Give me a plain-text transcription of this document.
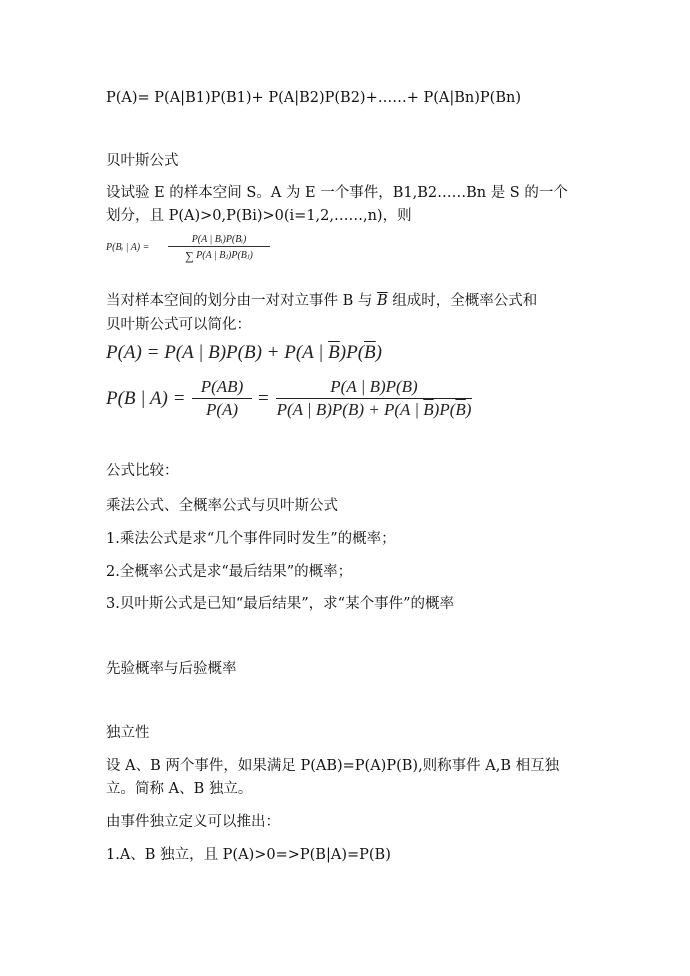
P(A)= P(A|B1)P(B1)+ P(A|B2)P(B2)+……+ P(A|Bn)P(Bn)
贝叶斯公式
设试验 E 的样本空间 S。A 为 E 一个事件，B1,B2……Bn 是 S 的一个
划分，且 P(A)>0,P(Bi)>0(i=1,2,……,n)，则
P(Bᵢ | $A) = \frac{\text{P(A | Bᵢ)P(Bᵢ)}}{\text{∑ P(A | Bⱼ)P(Bⱼ)}}$
当对样本空间的划分由一对对立事件 B 与 $\overline{B}$ 组成时，全概率公式和
贝叶斯公式可以简化：
P(A) = P(A | B)P(B) + P(A | $\overline{B})P(\overline{B})$
P(B | $A) = \frac{P(AB)}{P(A)} = \frac{P(A | B)P(B)}{P(A | B)P(B) + P(A | \overline{B})P(\overline{B})}$
公式比较：
乘法公式、全概率公式与贝叶斯公式
1.乘法公式是求“几个事件同时发生”的概率；
2.全概率公式是求“最后结果”的概率；
3.贝叶斯公式是已知“最后结果”，求“某个事件”的概率
先验概率与后验概率
独立性
设 A、B 两个事件，如果满足 P(AB)=P(A)P(B),则称事件 A,B 相互独
立。简称 A、B 独立。
由事件独立定义可以推出：
1.A、B 独立，且 P(A)>0=>P(B|A)=P(B)
